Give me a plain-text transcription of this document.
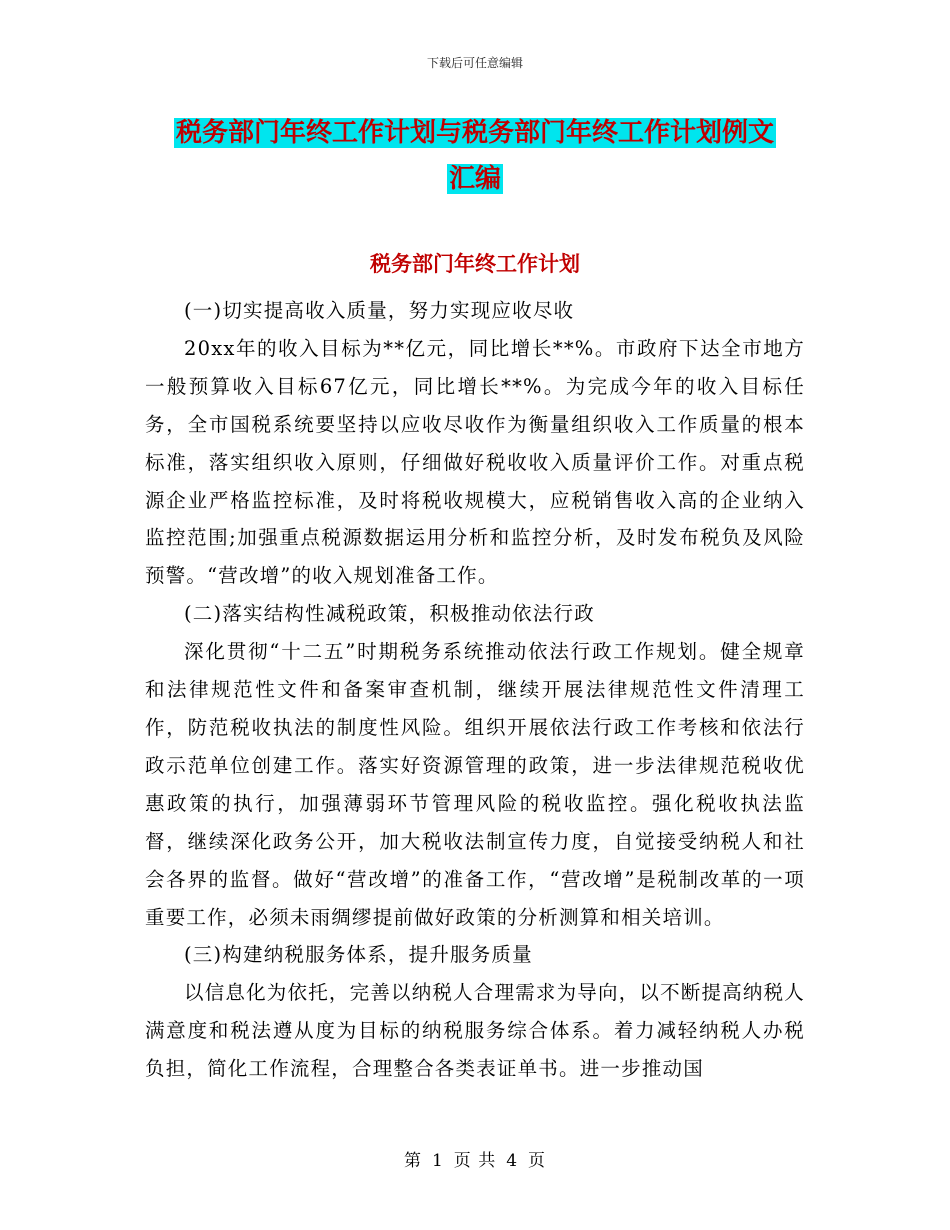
下载后可任意编辑
税务部门年终工作计划与税务部门年终工作计划例文
汇编
税务部门年终工作计划

(一)切实提高收入质量，努力实现应收尽收

20xx年的收入目标为**亿元，同比增长**%。市政府下达全市地方一般预算收入目标67亿元，同比增长**%。为完成今年的收入目标任务，全市国税系统要坚持以应收尽收作为衡量组织收入工作质量的根本标准，落实组织收入原则，仔细做好税收收入质量评价工作。对重点税源企业严格监控标准，及时将税收规模大，应税销售收入高的企业纳入监控范围;加强重点税源数据运用分析和监控分析，及时发布税负及风险预警。“营改增”的收入规划准备工作。

(二)落实结构性减税政策，积极推动依法行政

深化贯彻“十二五”时期税务系统推动依法行政工作规划。健全规章和法律规范性文件和备案审查机制，继续开展法律规范性文件清理工作，防范税收执法的制度性风险。组织开展依法行政工作考核和依法行政示范单位创建工作。落实好资源管理的政策，进一步法律规范税收优惠政策的执行，加强薄弱环节管理风险的税收监控。强化税收执法监督，继续深化政务公开，加大税收法制宣传力度，自觉接受纳税人和社会各界的监督。做好“营改增”的准备工作，“营改增”是税制改革的一项重要工作，必须未雨绸缪提前做好政策的分析测算和相关培训。

(三)构建纳税服务体系，提升服务质量

以信息化为依托，完善以纳税人合理需求为导向，以不断提高纳税人满意度和税法遵从度为目标的纳税服务综合体系。着力减轻纳税人办税负担，简化工作流程，合理整合各类表证单书。进一步推动国

第 1 页 共 4 页
